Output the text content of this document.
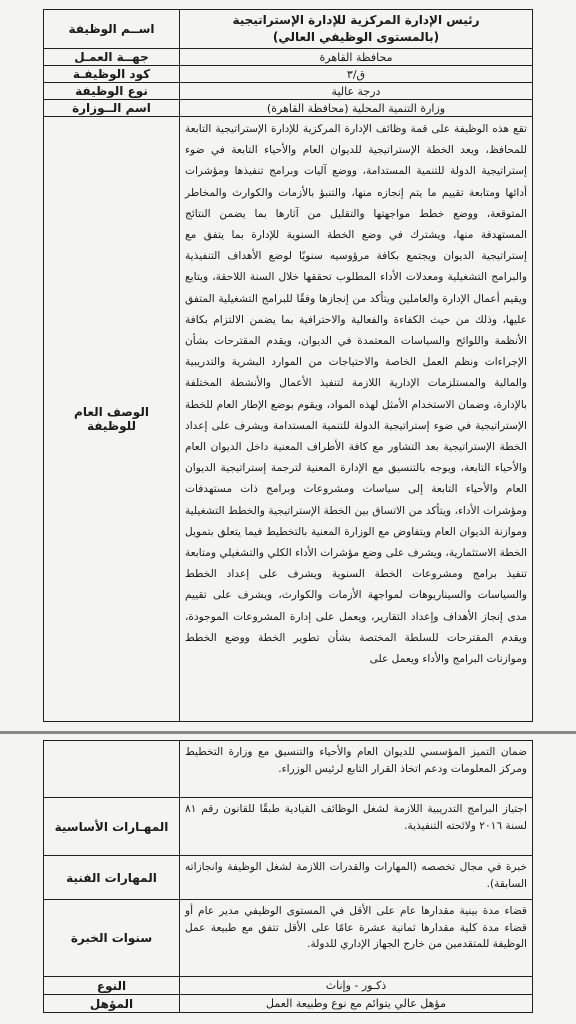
رئيس الإدارة المركزية للإدارة الإستراتيجية
(بالمستوى الوظيفي العالي)	اســم الوظيفة
محافظة القاهرة	جهــة العمـل
ق/٣	كود الوظيفـة
درجة عالية	نوع الوظيفة
وزارة التنمية المحلية (محافظة القاهرة)	اسم الــوزارة
تقع هذه الوظيفة على قمة وظائف الإدارة المركزية للإدارة الإستراتيجية التابعة للمحافظ، ويعد الخطة الإستراتيجية للديوان العام والأحياء التابعة في ضوء إستراتيجية الدولة للتنمية المستدامة، ووضع آليات وبرامج تنفيذها ومؤشرات أدائها ومتابعة تقييم ما يتم إنجازه منها، والتنبؤ بالأزمات والكوارث والمخاطر المتوقعة، ووضع خطط مواجهتها والتقليل من آثارها بما يضمن النتائج المستهدفة منها، ويشترك في وضع الخطة السنوية للإدارة بما يتفق مع إستراتيجية الديوان ويجتمع بكافة مرؤوسيه سنويًا لوضع الأهداف التنفيذية والبرامج التشغيلية ومعدلات الأداء المطلوب تحققها خلال السنة اللاحقة، ويتابع ويقيم أعمال الإدارة والعاملين ويتأكد من إنجازها وفقًا للبرامج التشغيلية المتفق عليها، وذلك من حيث الكفاءة والفعالية والاحترافية بما يضمن الالتزام بكافة الأنظمة واللوائح والسياسات المعتمدة في الديوان، ويقدم المقترحات بشأن الإجراءات ونظم العمل الخاصة والاحتياجات من الموارد البشرية والتدريبية والمالية والمستلزمات الإدارية اللازمة لتنفيذ الأعمال والأنشطة المختلفة بالإدارة، وضمان الاستخدام الأمثل لهذه المواد، ويقوم بوضع الإطار العام للخطة الإستراتيجية في ضوء إستراتيجية الدولة للتنمية المستدامة ويشرف على إعداد الخطة الإستراتيجية بعد التشاور مع كافة الأطراف المعنية داخل الديوان العام والأحياء التابعة، ويوجه بالتنسيق مع الإدارة المعنية لترجمة إستراتيجية الديوان العام والأحياء التابعة إلى سياسات ومشروعات وبرامج ذات مستهدفات ومؤشرات الأداء، ويتأكد من الاتساق بين الخطة الإستراتيجية والخطط التشغيلية وموازنة الديوان العام ويتفاوض مع الوزارة المعنية بالتخطيط فيما يتعلق بتمويل الخطة الاستثمارية، ويشرف على وضع مؤشرات الأداء الكلي والتشغيلي ومتابعة تنفيذ برامج ومشروعات الخطة السنوية ويشرف على إعداد الخطط والسياسات والسيناريوهات لمواجهة الأزمات والكوارث، ويشرف على تقييم مدى إنجاز الأهداف وإعداد التقارير، ويعمل على إدارة المشروعات الموجودة، ويقدم المقترحات للسلطة المختصة بشأن تطوير الخطة ووضع الخطط وموازنات البرامج والأداء ويعمل على	الوصف العام للوظيفة
ضمان التميز المؤسسي للديوان العام والأحياء والتنسيق مع وزارة التخطيط ومركز المعلومات ودعم اتخاذ القرار التابع لرئيس الوزراء.	
اجتياز البرامج التدريبية اللازمة لشغل الوظائف القيادية طبقًا للقانون رقم ٨١ لسنة ٢٠١٦ ولائحته التنفيذية.	المهـارات الأساسية
خبرة في مجال تخصصه (المهارات والقدرات اللازمة لشغل الوظيفة وانجازاته السابقة).	المهارات الفنية
قضاء مدة بينية مقدارها عام على الأقل في المستوى الوظيفي مدير عام أو قضاء مدة كلية مقدارها ثمانية عشرة عامًا على الأقل تتفق مع طبيعة عمل الوظيفة للمتقدمين من خارج الجهاز الإداري للدولة.	سنوات الخبرة
ذكـور - وإناث	النوع
مؤهل عالي يتوائم مع نوع وطبيعة العمل	المؤهل
